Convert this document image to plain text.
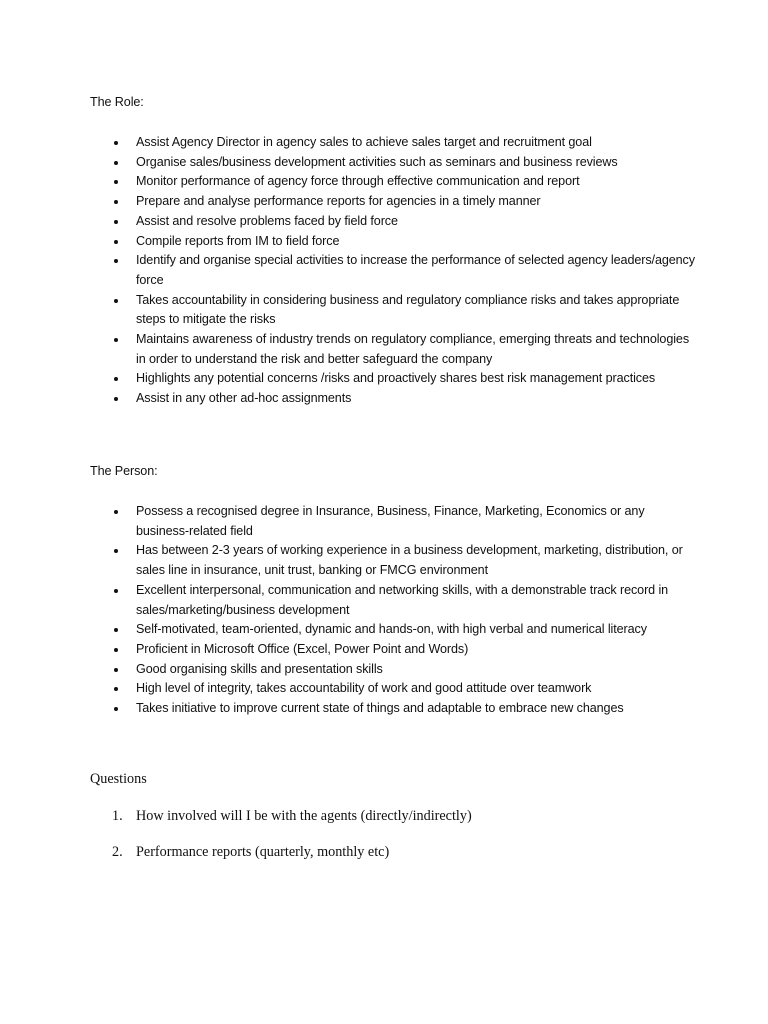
The Role:
Assist Agency Director in agency sales to achieve sales target and recruitment goal
Organise sales/business development activities such as seminars and business reviews
Monitor performance of agency force through effective communication and report
Prepare and analyse performance reports for agencies in a timely manner
Assist and resolve problems faced by field force
Compile reports from IM to field force
Identify and organise special activities to increase the performance of selected agency leaders/agency force
Takes accountability in considering business and regulatory compliance risks and takes appropriate steps to mitigate the risks
Maintains awareness of industry trends on regulatory compliance, emerging threats and technologies in order to understand the risk and better safeguard the company
Highlights any potential concerns /risks and proactively shares best risk management practices
Assist in any other ad-hoc assignments
The Person:
Possess a recognised degree in Insurance, Business, Finance, Marketing, Economics or any business-related field
Has between 2-3 years of working experience in a business development, marketing, distribution, or sales line in insurance, unit trust, banking or FMCG environment
Excellent interpersonal, communication and networking skills, with a demonstrable track record in sales/marketing/business development
Self-motivated, team-oriented, dynamic and hands-on, with high verbal and numerical literacy
Proficient in Microsoft Office (Excel, Power Point and Words)
Good organising skills and presentation skills
High level of integrity, takes accountability of work and good attitude over teamwork
Takes initiative to improve current state of things and adaptable to embrace new changes
Questions
1. How involved will I be with the agents (directly/indirectly)
2. Performance reports (quarterly, monthly etc)
